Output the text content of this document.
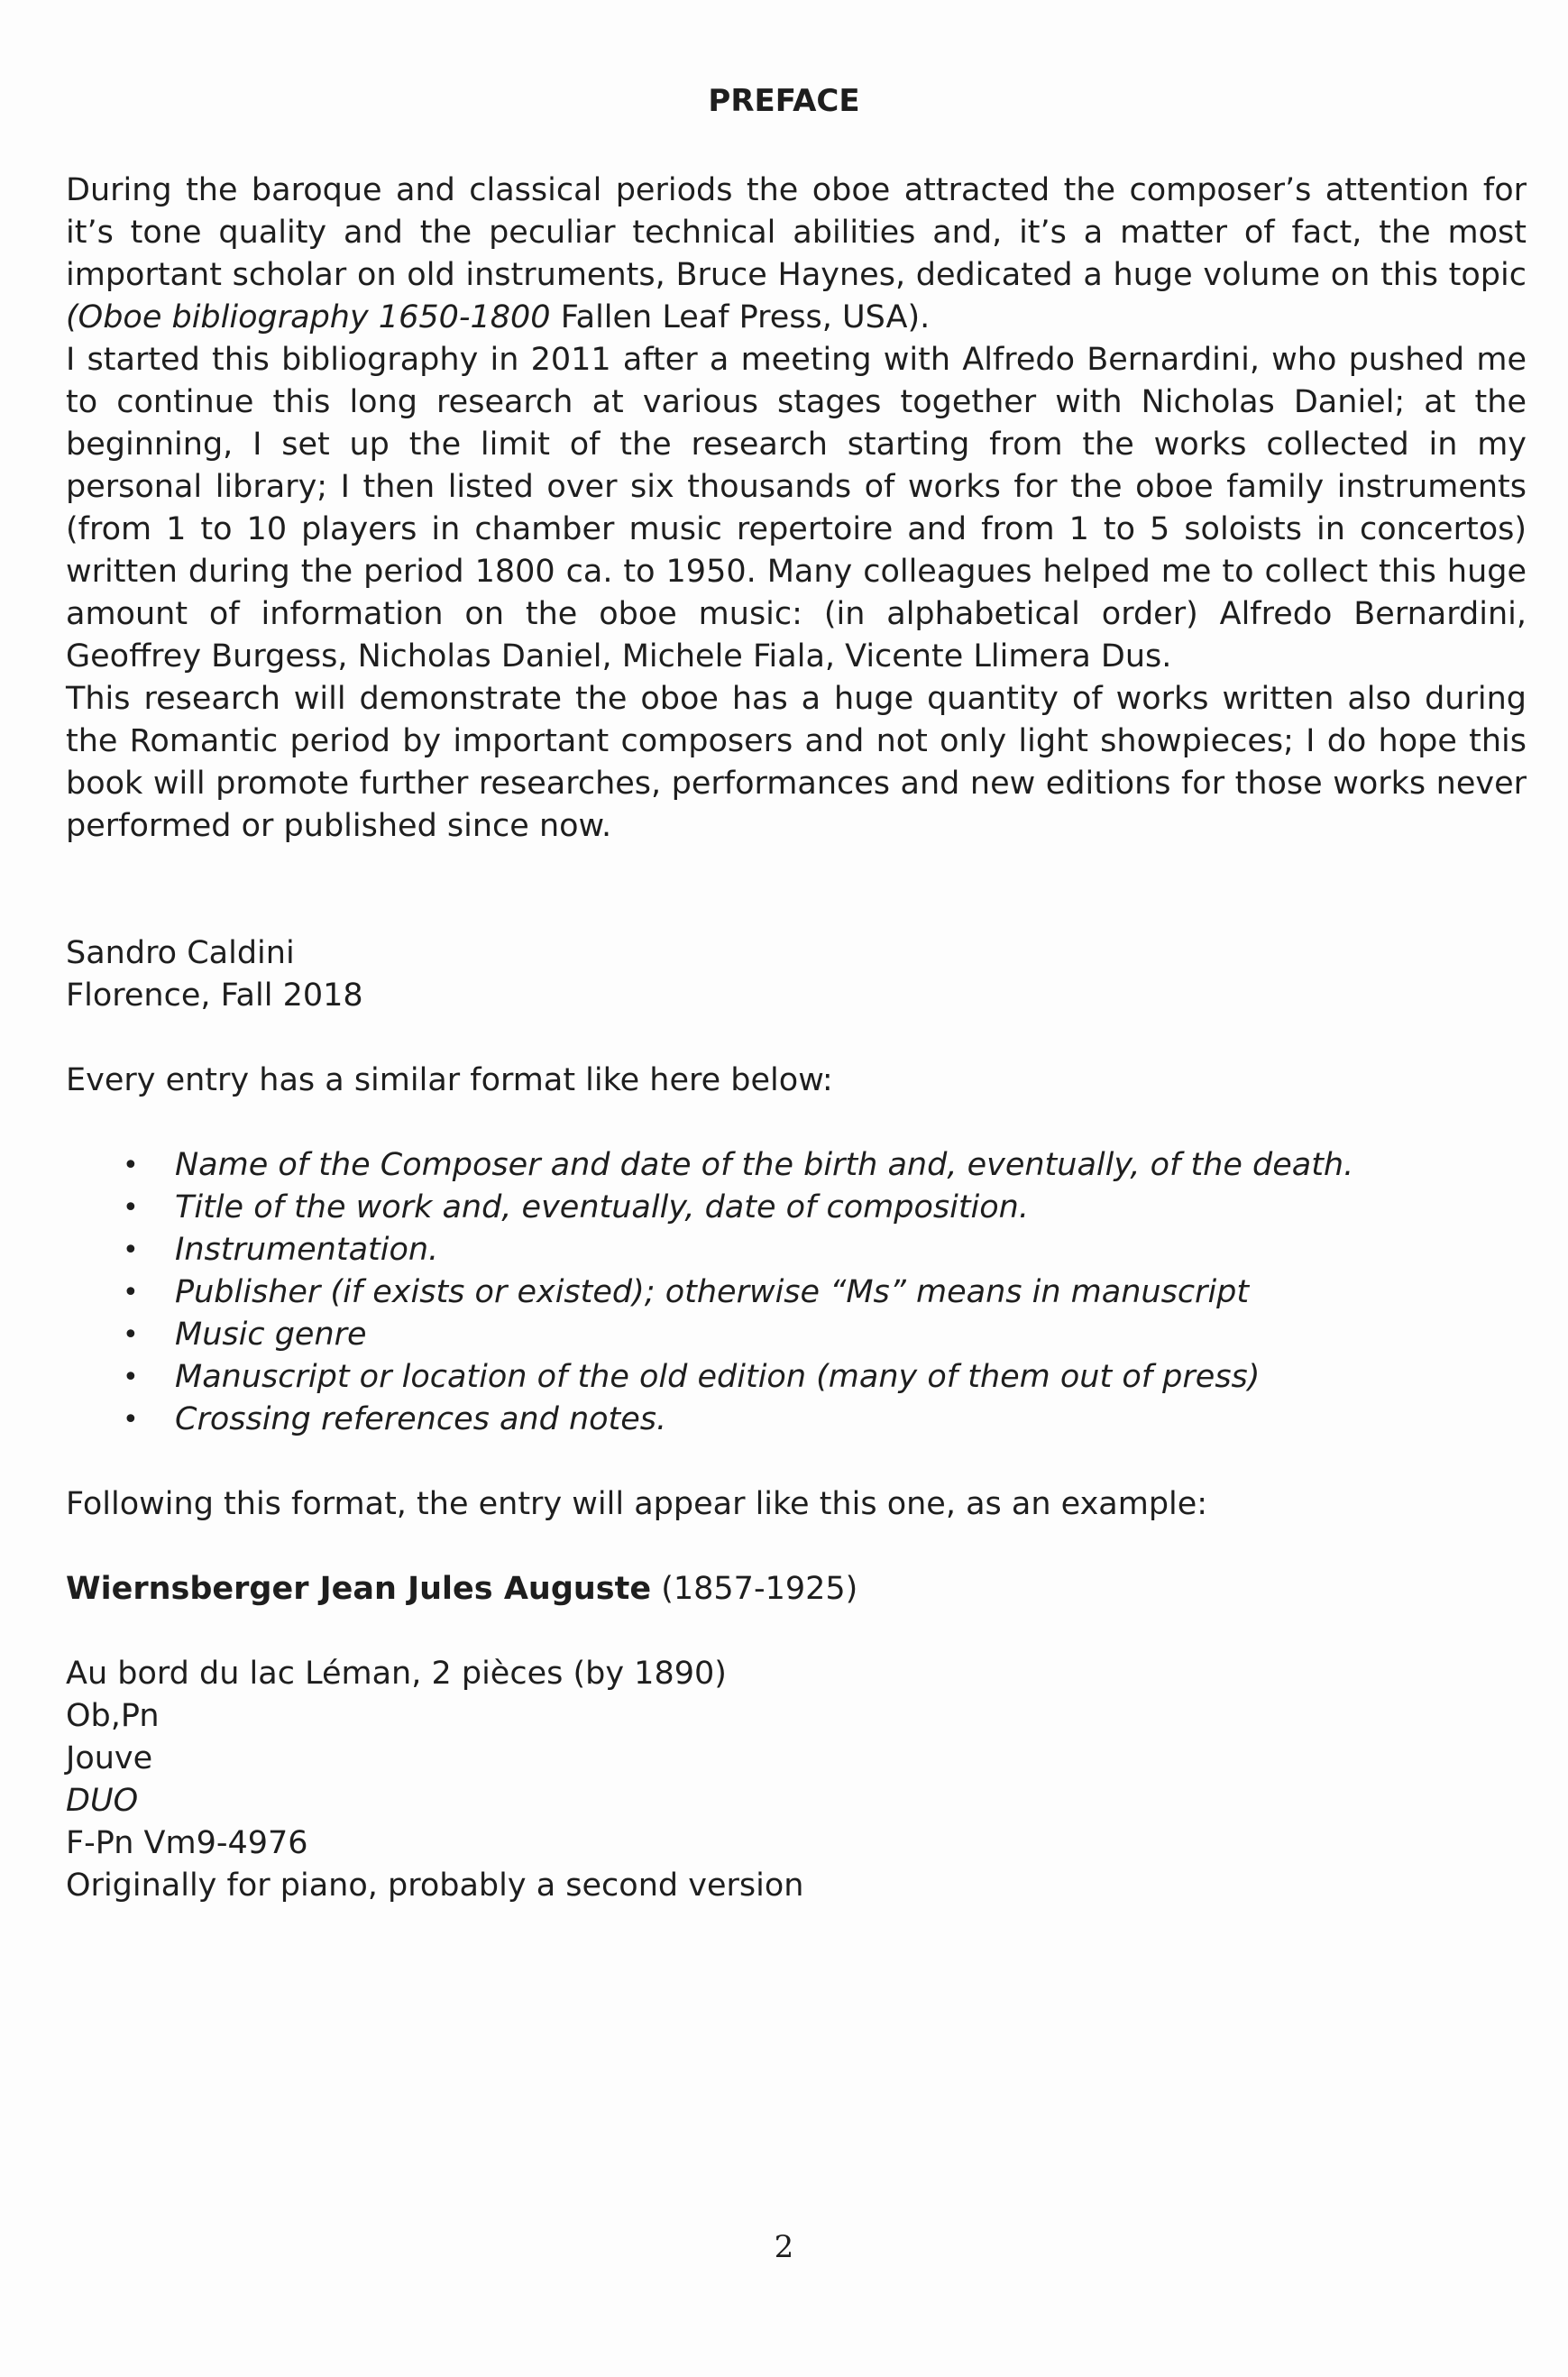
PREFACE

During the baroque and classical periods the oboe attracted the composer’s attention for it’s tone quality and the peculiar technical abilities and, it’s a matter of fact, the most important scholar on old instruments, Bruce Haynes, dedicated a huge volume on this topic (Oboe bibliography 1650-1800 Fallen Leaf Press, USA).

I started this bibliography in 2011 after a meeting with Alfredo Bernardini, who pushed me to continue this long research at various stages together with Nicholas Daniel; at the beginning, I set up the limit of the research starting from the works collected in my personal library; I then listed over six thousands of works for the oboe family instruments (from 1 to 10 players in chamber music repertoire and from 1 to 5 soloists in concertos) written during the period 1800 ca. to 1950. Many colleagues helped me to collect this huge amount of information on the oboe music: (in alphabetical order) Alfredo Bernardini, Geoffrey Burgess, Nicholas Daniel, Michele Fiala, Vicente Llimera Dus.

This research will demonstrate the oboe has a huge quantity of works written also during the Romantic period by important composers and not only light showpieces; I do hope this book will promote further researches, performances and new editions for those works never performed or published since now.

Sandro Caldini
Florence, Fall 2018
Every entry has a similar format like here below:
• Name of the Composer and date of the birth and, eventually, of the death.
• Title of the work and, eventually, date of composition.
• Instrumentation.
• Publisher (if exists or existed); otherwise “Ms” means in manuscript
• Music genre
• Manuscript or location of the old edition (many of them out of press)
• Crossing references and notes.
Following this format, the entry will appear like this one, as an example:
Wiernsberger Jean Jules Auguste (1857-1925)
Au bord du lac Léman, 2 pièces (by 1890)
Ob,Pn
Jouve
DUO
F-Pn Vm9-4976
Originally for piano, probably a second version
2
